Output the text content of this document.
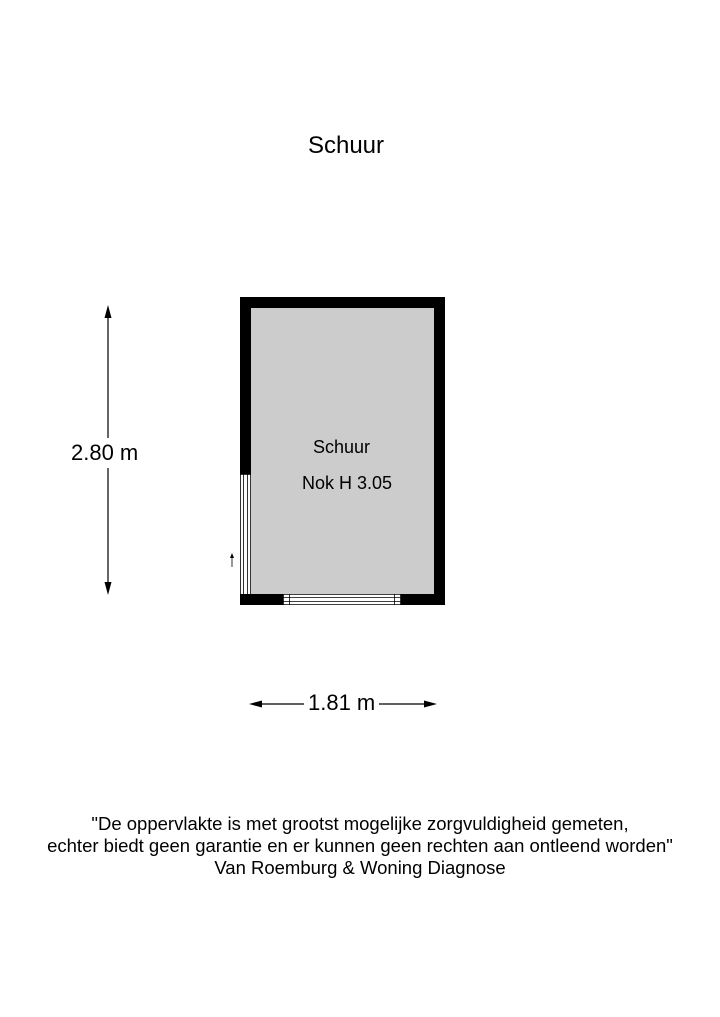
Schuur
Schuur
Nok H 3.05
2.80 m
1.81 m
"De oppervlakte is met grootst mogelijke zorgvuldigheid gemeten,
echter biedt geen garantie en er kunnen geen rechten aan ontleend worden"
Van Roemburg & Woning Diagnose
